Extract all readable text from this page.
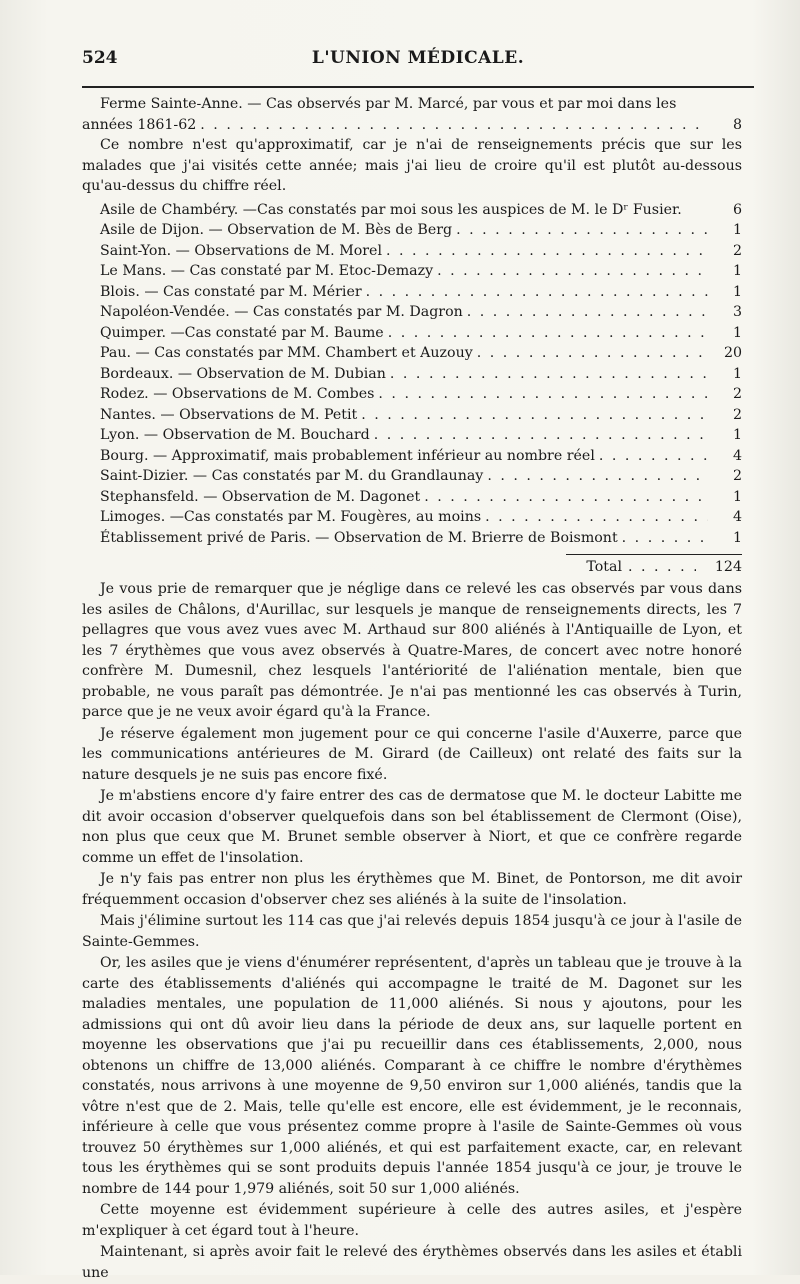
524	L'UNION MÉDICALE.
Ferme Sainte-Anne. — Cas observés par M. Marcé, par vous et par moi dans les
années 1861-62 . . .	8

Ce nombre n'est qu'approximatif, car je n'ai de renseignements précis que sur les malades que j'ai visités cette année; mais j'ai lieu de croire qu'il est plutôt au-dessous qu'au-dessus du chiffre réel.

Asile de Chambéry. —Cas constatés par moi sous les auspices de M. le Dʳ Fusier.	6
Asile de Dijon. — Observation de M. Bès de Berg . . .	1
Saint-Yon. — Observations de M. Morel . . .	2
Le Mans. — Cas constaté par M. Etoc-Demazy . . .	1
Blois. — Cas constaté par M. Mérier . . .	1
Napoléon-Vendée. — Cas constatés par M. Dagron . . .	3
Quimper. —Cas constaté par M. Baume . . .	1
Pau. — Cas constatés par MM. Chambert et Auzouy . . .	20
Bordeaux. — Observation de M. Dubian . . .	1
Rodez. — Observations de M. Combes . . .	2
Nantes. — Observations de M. Petit . . .	2
Lyon. — Observation de M. Bouchard . . .	1
Bourg. — Approximatif, mais probablement inférieur au nombre réel . . .	4
Saint-Dizier. — Cas constatés par M. du Grandlaunay . . .	2
Stephansfeld. — Observation de M. Dagonet . . .	1
Limoges. —Cas constatés par M. Fougères, au moins . . .	4
Établissement privé de Paris. — Observation de M. Brierre de Boismont . . .	1
Total . . .	124

Je vous prie de remarquer que je néglige dans ce relevé les cas observés par vous dans les asiles de Châlons, d'Aurillac, sur lesquels je manque de renseignements directs, les 7 pellagres que vous avez vues avec M. Arthaud sur 800 aliénés à l'Antiquaille de Lyon, et les 7 érythèmes que vous avez observés à Quatre-Mares, de concert avec notre honoré confrère M. Dumesnil, chez lesquels l'antériorité de l'aliénation mentale, bien que probable, ne vous paraît pas démontrée. Je n'ai pas mentionné les cas observés à Turin, parce que je ne veux avoir égard qu'à la France.

Je réserve également mon jugement pour ce qui concerne l'asile d'Auxerre, parce que les communications antérieures de M. Girard (de Cailleux) ont relaté des faits sur la nature desquels je ne suis pas encore fixé.

Je m'abstiens encore d'y faire entrer des cas de dermatose que M. le docteur Labitte me dit avoir occasion d'observer quelquefois dans son bel établissement de Clermont (Oise), non plus que ceux que M. Brunet semble observer à Niort, et que ce confrère regarde comme un effet de l'insolation.

Je n'y fais pas entrer non plus les érythèmes que M. Binet, de Pontorson, me dit avoir fréquemment occasion d'observer chez ses aliénés à la suite de l'insolation.

Mais j'élimine surtout les 114 cas que j'ai relevés depuis 1854 jusqu'à ce jour à l'asile de Sainte-Gemmes.

Or, les asiles que je viens d'énumérer représentent, d'après un tableau que je trouve à la carte des établissements d'aliénés qui accompagne le traité de M. Dagonet sur les maladies mentales, une population de 11,000 aliénés. Si nous y ajoutons, pour les admissions qui ont dû avoir lieu dans la période de deux ans, sur laquelle portent en moyenne les observations que j'ai pu recueillir dans ces établissements, 2,000, nous obtenons un chiffre de 13,000 aliénés. Comparant à ce chiffre le nombre d'érythèmes constatés, nous arrivons à une moyenne de 9,50 environ sur 1,000 aliénés, tandis que la vôtre n'est que de 2. Mais, telle qu'elle est encore, elle est évidemment, je le reconnais, inférieure à celle que vous présentez comme propre à l'asile de Sainte-Gemmes où vous trouvez 50 érythèmes sur 1,000 aliénés, et qui est parfaitement exacte, car, en relevant tous les érythèmes qui se sont produits depuis l'année 1854 jusqu'à ce jour, je trouve le nombre de 144 pour 1,979 aliénés, soit 50 sur 1,000 aliénés.

Cette moyenne est évidemment supérieure à celle des autres asiles, et j'espère m'expliquer à cet égard tout à l'heure.

Maintenant, si après avoir fait le relevé des érythèmes observés dans les asiles et établi une
